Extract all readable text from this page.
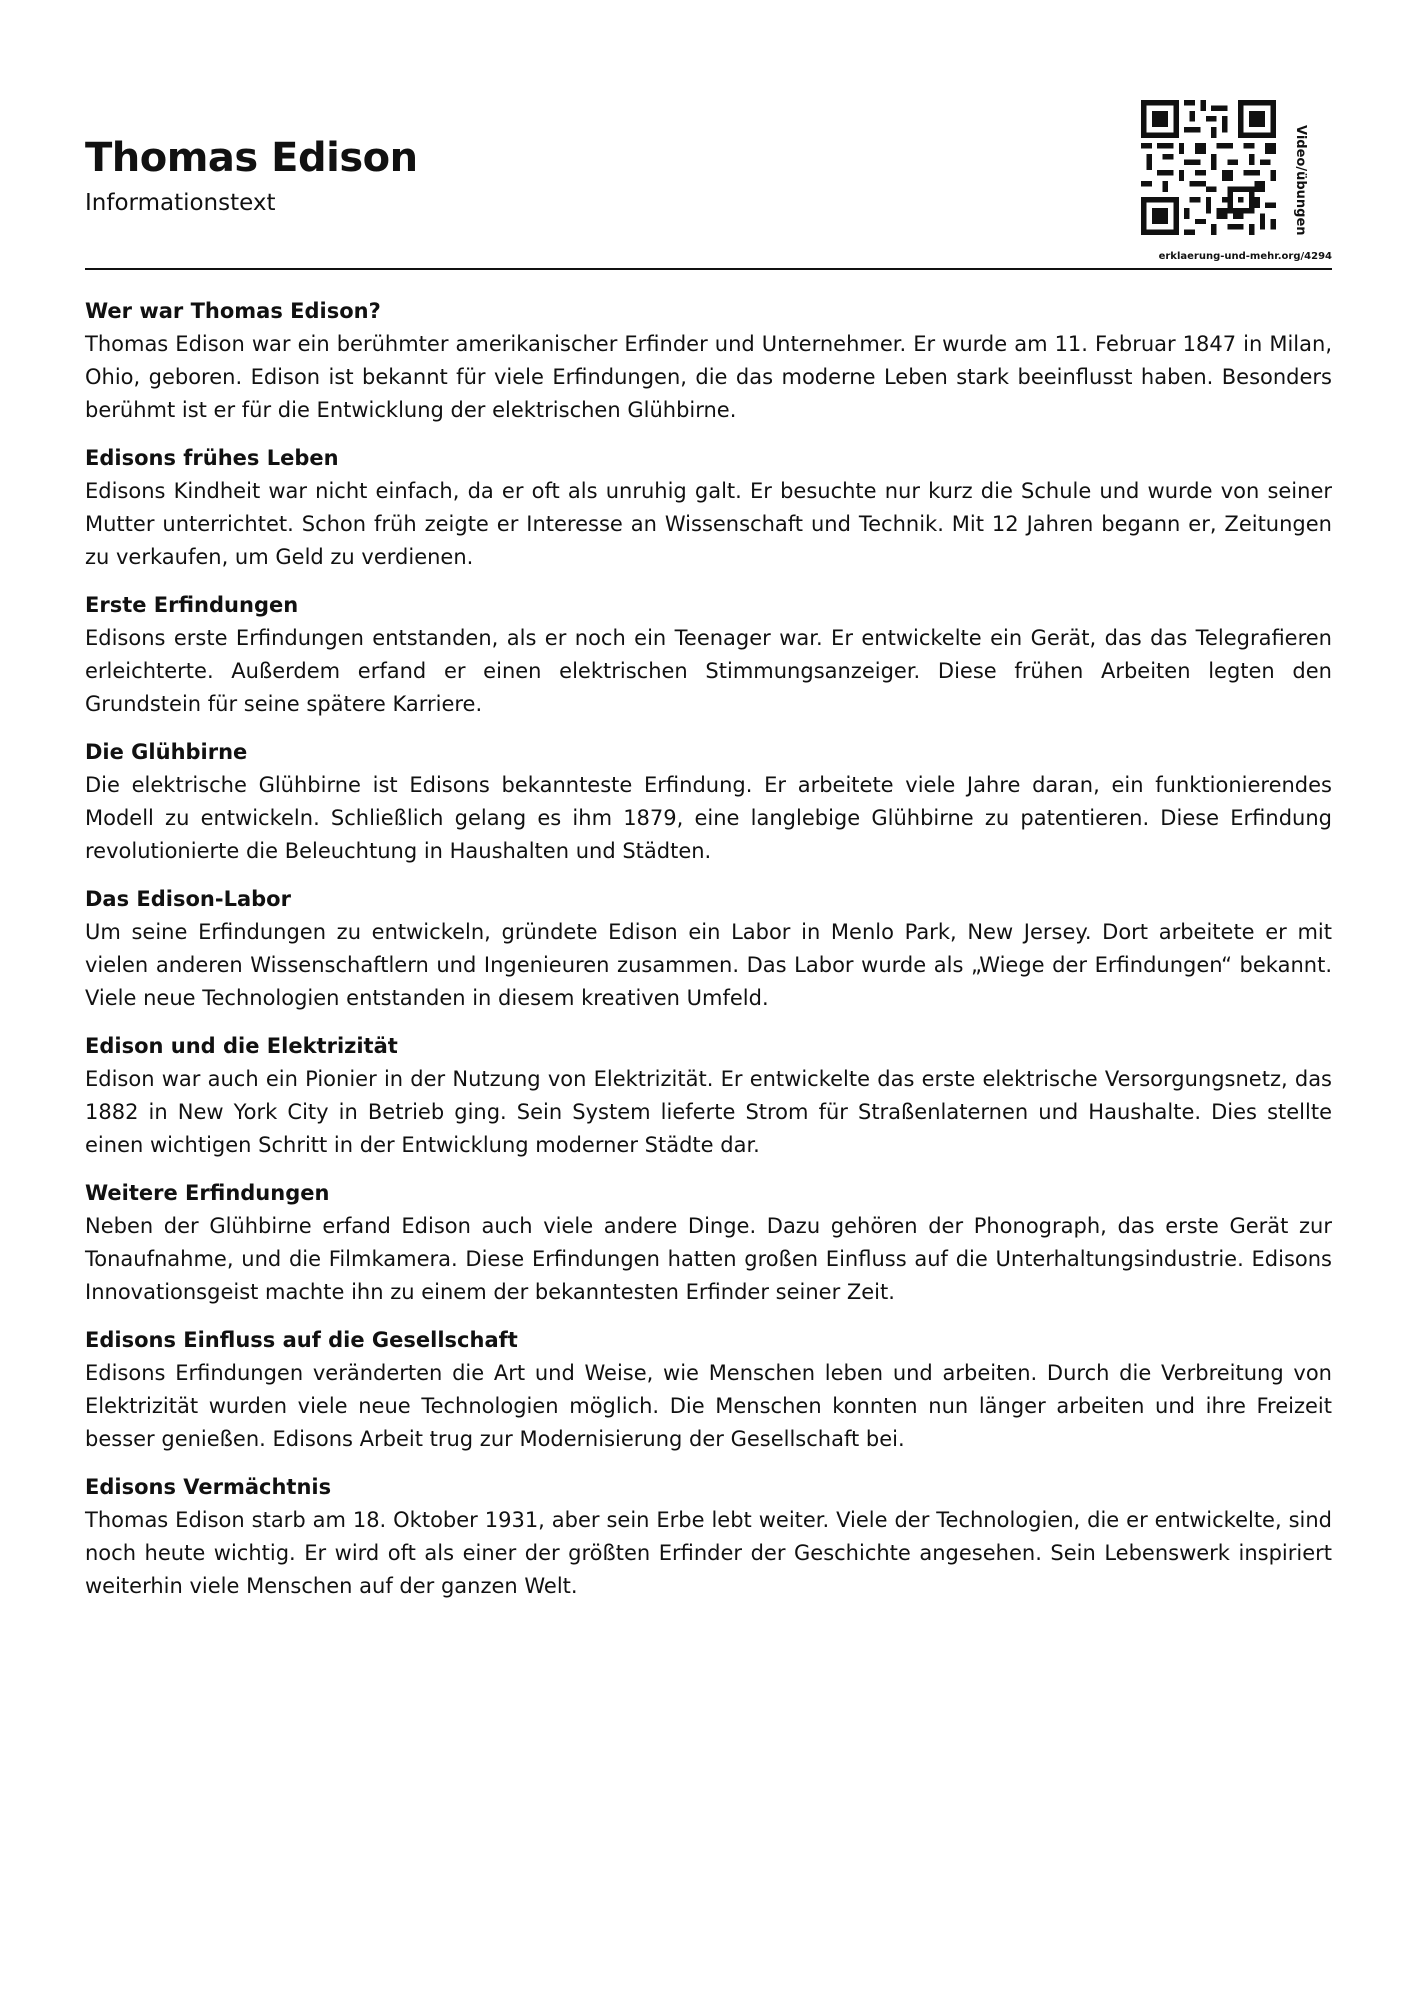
Thomas Edison
Informationstext	Video/übungen
erklaerung-und-mehr.org/4294
Wer war Thomas Edison?

Thomas Edison war ein berühmter amerikanischer Erfinder und Unternehmer. Er wurde am 11. Februar 1847 in Milan, Ohio, geboren. Edison ist bekannt für viele Erfindungen, die das moderne Leben stark beeinflusst haben. Besonders berühmt ist er für die Entwicklung der elektrischen Glühbirne.

Edisons frühes Leben

Edisons Kindheit war nicht einfach, da er oft als unruhig galt. Er besuchte nur kurz die Schule und wurde von seiner Mutter unterrichtet. Schon früh zeigte er Interesse an Wissenschaft und Technik. Mit 12 Jahren begann er, Zeitungen zu verkaufen, um Geld zu verdienen.

Erste Erfindungen

Edisons erste Erfindungen entstanden, als er noch ein Teenager war. Er entwickelte ein Gerät, das das Telegrafieren erleichterte. Außerdem erfand er einen elektrischen Stimmungsanzeiger. Diese frühen Arbeiten legten den Grundstein für seine spätere Karriere.

Die Glühbirne

Die elektrische Glühbirne ist Edisons bekannteste Erfindung. Er arbeitete viele Jahre daran, ein funktionierendes Modell zu entwickeln. Schließlich gelang es ihm 1879, eine langlebige Glühbirne zu patentieren. Diese Erfindung revolutionierte die Beleuchtung in Haushalten und Städten.

Das Edison-Labor

Um seine Erfindungen zu entwickeln, gründete Edison ein Labor in Menlo Park, New Jersey. Dort arbeitete er mit vielen anderen Wissenschaftlern und Ingenieuren zusammen. Das Labor wurde als „Wiege der Erfindungen“ bekannt. Viele neue Technologien entstanden in diesem kreativen Umfeld.

Edison und die Elektrizität

Edison war auch ein Pionier in der Nutzung von Elektrizität. Er entwickelte das erste elektrische Versorgungsnetz, das 1882 in New York City in Betrieb ging. Sein System lieferte Strom für Straßenlaternen und Haushalte. Dies stellte einen wichtigen Schritt in der Entwicklung moderner Städte dar.

Weitere Erfindungen

Neben der Glühbirne erfand Edison auch viele andere Dinge. Dazu gehören der Phonograph, das erste Gerät zur Tonaufnahme, und die Filmkamera. Diese Erfindungen hatten großen Einfluss auf die Unterhaltungsindustrie. Edisons Innovationsgeist machte ihn zu einem der bekanntesten Erfinder seiner Zeit.

Edisons Einfluss auf die Gesellschaft

Edisons Erfindungen veränderten die Art und Weise, wie Menschen leben und arbeiten. Durch die Verbreitung von Elektrizität wurden viele neue Technologien möglich. Die Menschen konnten nun länger arbeiten und ihre Freizeit besser genießen. Edisons Arbeit trug zur Modernisierung der Gesellschaft bei.

Edisons Vermächtnis

Thomas Edison starb am 18. Oktober 1931, aber sein Erbe lebt weiter. Viele der Technologien, die er entwickelte, sind noch heute wichtig. Er wird oft als einer der größten Erfinder der Geschichte angesehen. Sein Lebenswerk inspiriert weiterhin viele Menschen auf der ganzen Welt.
